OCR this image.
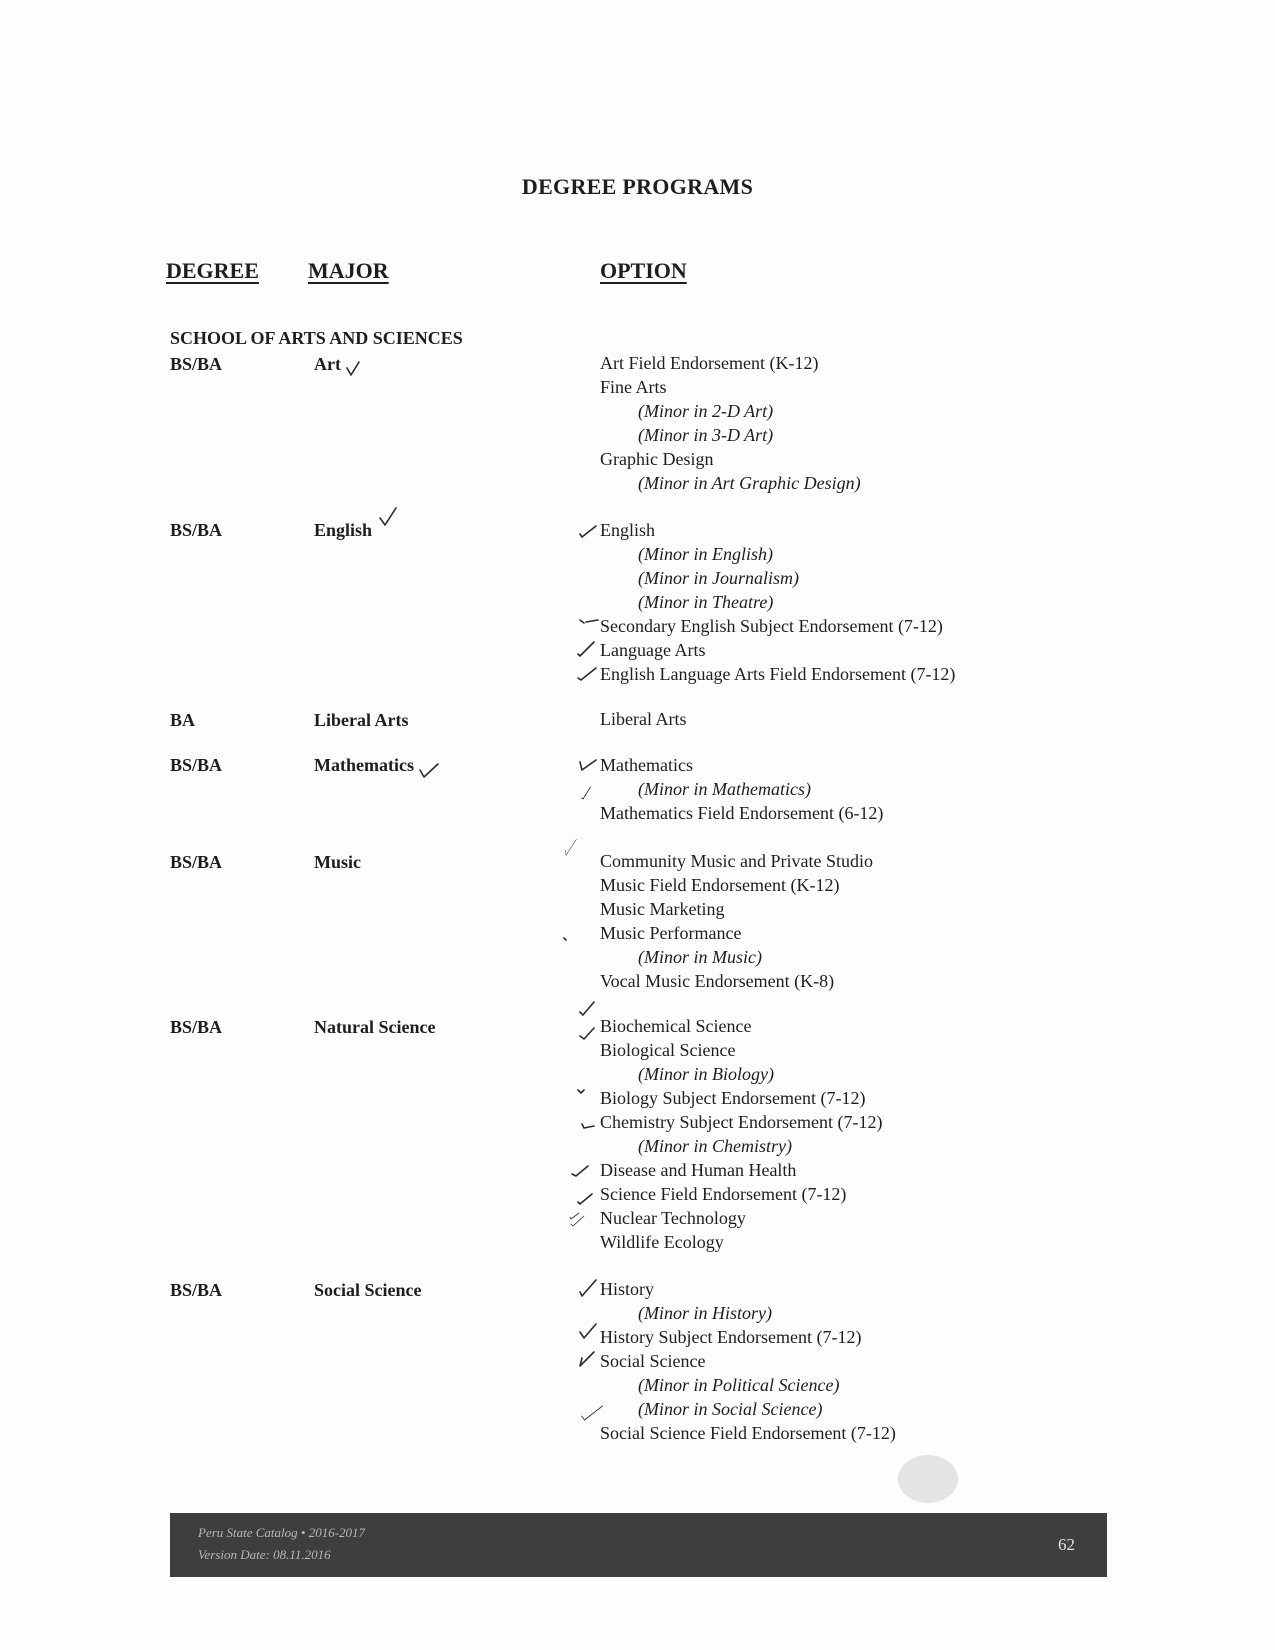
DEGREE PROGRAMS
DEGREE MAJOR	OPTION
SCHOOL OF ARTS AND SCIENCES
BS/BA	Art	Art Field Endorsement (K-12)
Fine Arts
(Minor in 2-D Art)
(Minor in 3-D Art)
Graphic Design
(Minor in Art Graphic Design)
BS/BA	English	English
(Minor in English)
(Minor in Journalism)
(Minor in Theatre)
Secondary English Subject Endorsement (7-12)
Language Arts
English Language Arts Field Endorsement (7-12)
BA	Liberal Arts	Liberal Arts
BS/BA	Mathematics	Mathematics
(Minor in Mathematics)
Mathematics Field Endorsement (6-12)
BS/BA	Music	Community Music and Private Studio
Music Field Endorsement (K-12)
Music Marketing
Music Performance
(Minor in Music)
Vocal Music Endorsement (K-8)
BS/BA	Natural Science	Biochemical Science
Biological Science
(Minor in Biology)
Biology Subject Endorsement (7-12)
Chemistry Subject Endorsement (7-12)
(Minor in Chemistry)
Disease and Human Health
Science Field Endorsement (7-12)
Nuclear Technology
Wildlife Ecology
BS/BA	Social Science	History
(Minor in History)
History Subject Endorsement (7-12)
Social Science
(Minor in Political Science)
(Minor in Social Science)
Social Science Field Endorsement (7-12)
Peru State Catalog • 2016-2017
Version Date: 08.11.2016
62
